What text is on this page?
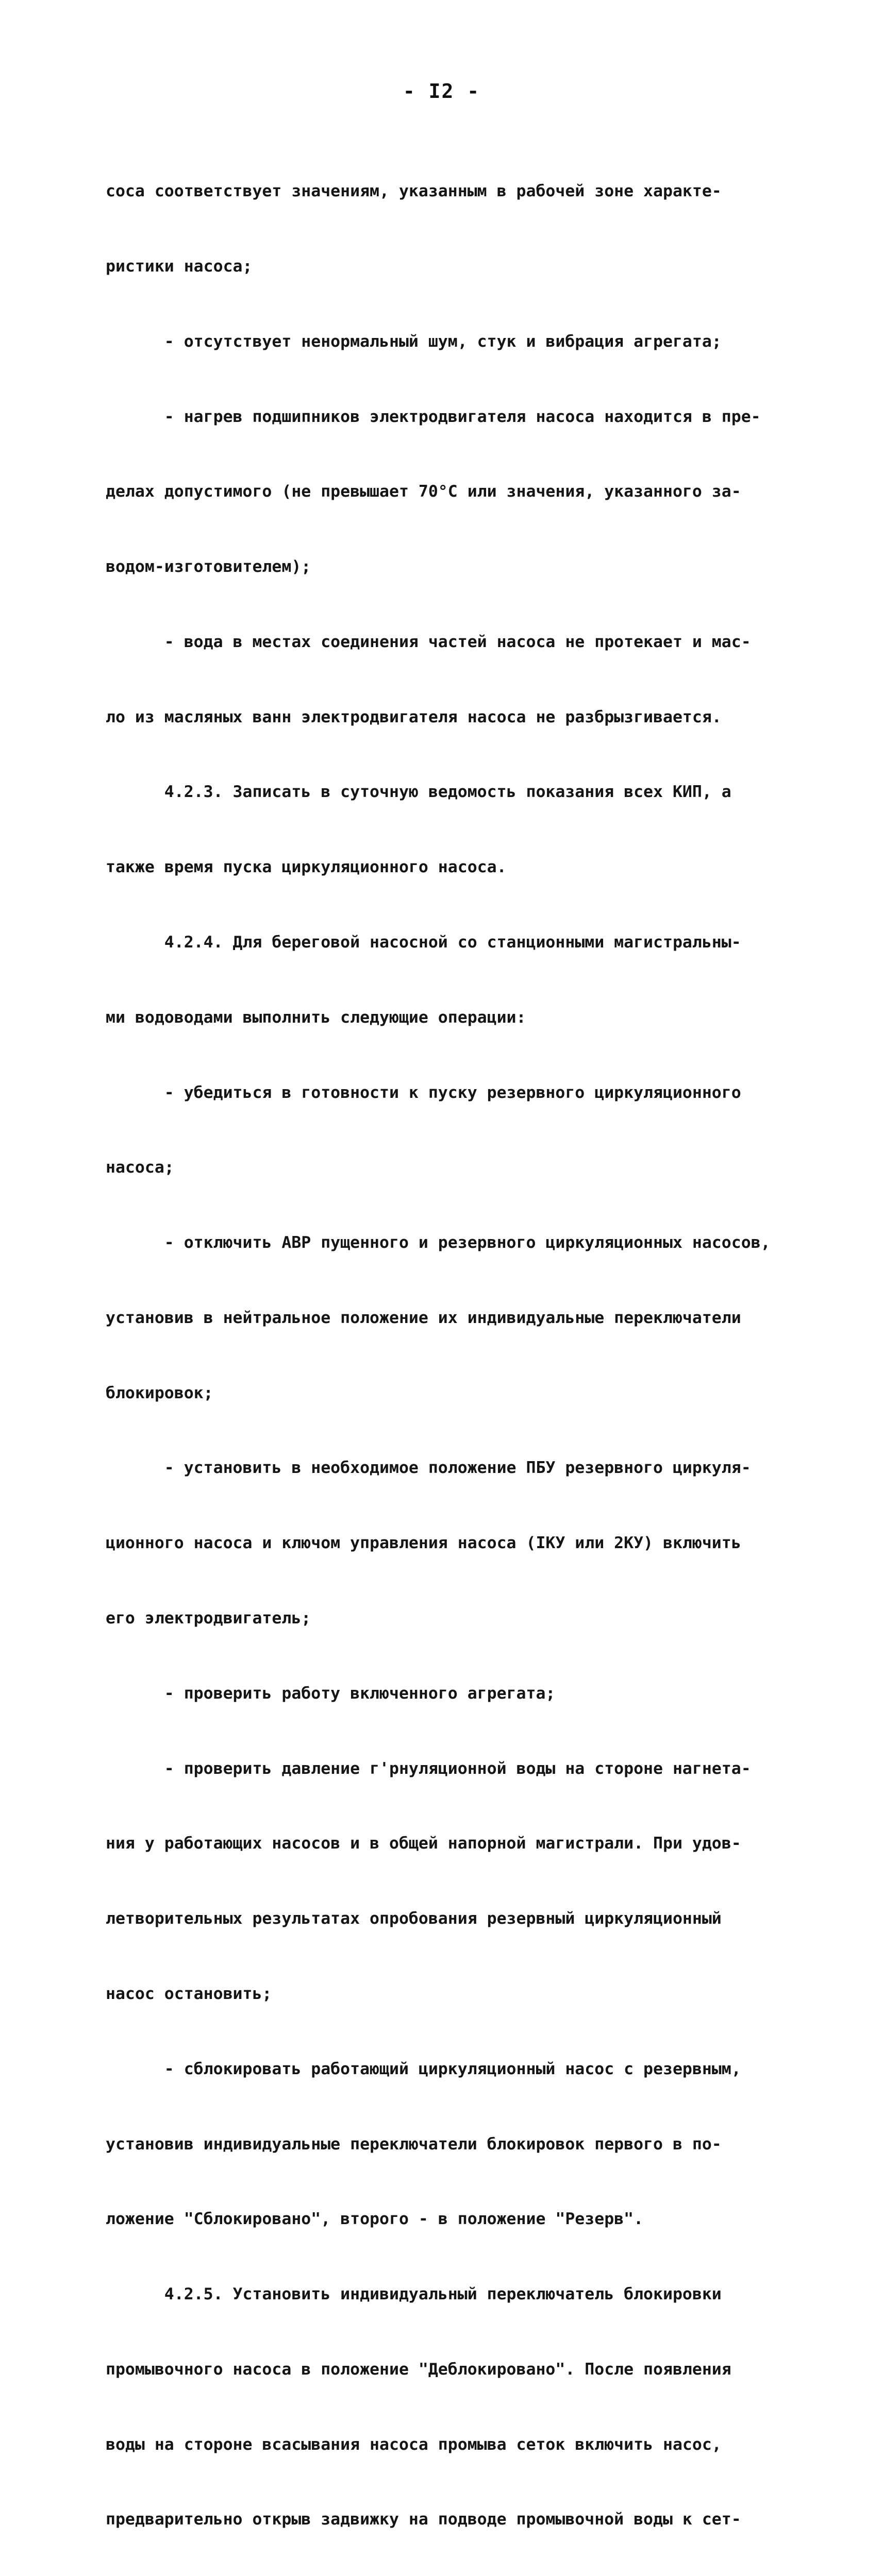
- I2 -

соса соответствует значениям, указанным в рабочей зоне характе-

ристики насоса;

- отсутствует ненормальный шум, стук и вибрация агрегата;

- нагрев подшипников электродвигателя насоса находится в пре-

делах допустимого (не превышает 70°С или значения, указанного за-

водом-изготовителем);

- вода в местах соединения частей насоса не протекает и мас-

ло из масляных ванн электродвигателя насоса не разбрызгивается.

4.2.3. Записать в суточную ведомость показания всех КИП, а

также время пуска циркуляционного насоса.

4.2.4. Для береговой насосной со станционными магистральны-

ми водоводами выполнить следующие операции:

- убедиться в готовности к пуску резервного циркуляционного

насоса;

- отключить АВР пущенного и резервного циркуляционных насосов,

установив в нейтральное положение их индивидуальные переключатели

блокировок;

- установить в необходимое положение ПБУ резервного циркуля-

ционного насоса и ключом управления насоса (IКУ или 2КУ) включить

его электродвигатель;

- проверить работу включенного агрегата;

- проверить давление г'рнуляционной воды на стороне нагнета-

ния у работающих насосов и в общей напорной магистрали. При удов-

летворительных результатах опробования резервный циркуляционный

насос остановить;

- сблокировать работающий циркуляционный насос с резервным,

установив индивидуальные переключатели блокировок первого в по-

ложение "Сблокировано", второго - в положение "Резерв".

4.2.5. Установить индивидуальный переключатель блокировки

промывочного насоса в положение "Деблокировано". После появления

воды на стороне всасывания насоса промыва сеток включить насос,

предварительно открыв задвижку на подводе промывочной воды к сет-
